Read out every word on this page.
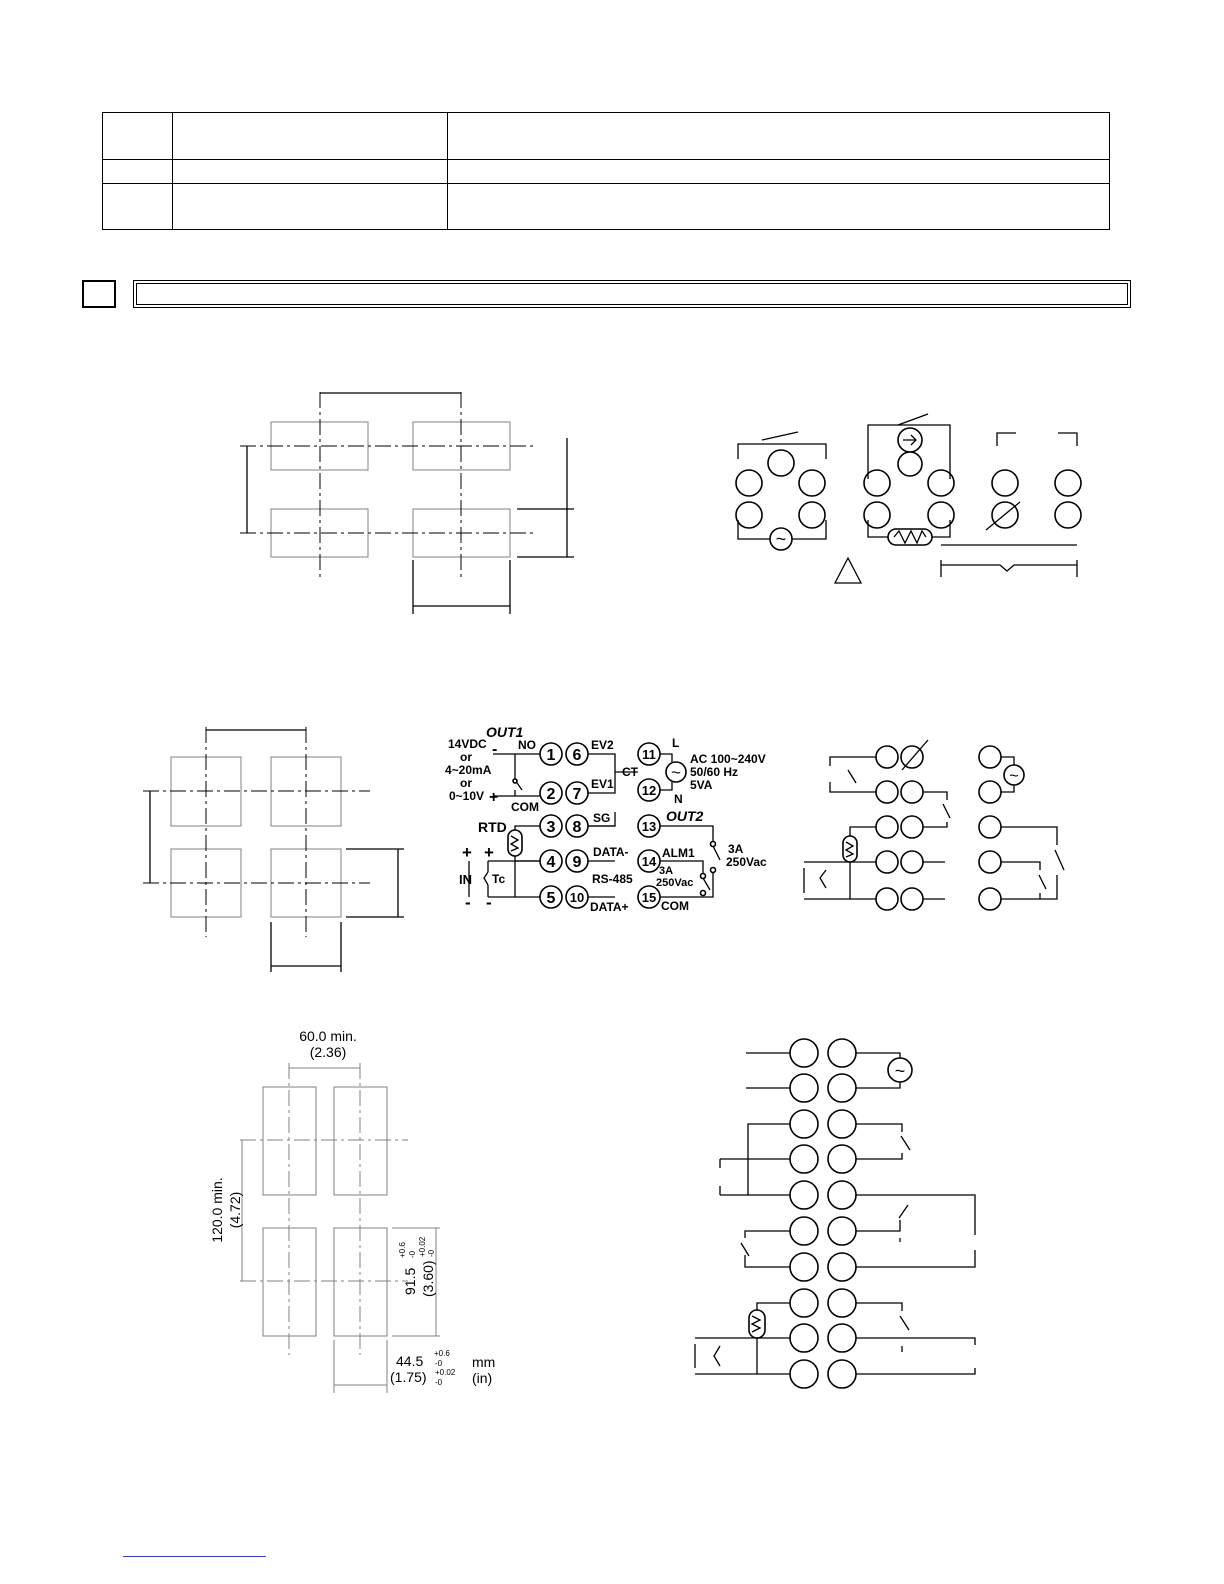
~
1
2
3
4
5
6
7
8
9
10
11
12
13
14
15
~
OUT1
-
+
14VDC
or
4~20mA
or
0~10V
NO
COM
RTD
+ +
IN Tc
- -
EV2
EV1
CT
SG
DATA-
RS-485
DATA+
L
N
AC 100~240V
50/60 Hz
5VA
OUT2
3A
250Vac
ALM1
3A
250Vac
COM
~
60.0 min.
(2.36)
120.0 min. (4.72)
91.5
+0.6 -0
(3.60)
+0.02 -0
44.5 +0.6
-0
(1.75) +0.02
-0
mm
(in)
~
